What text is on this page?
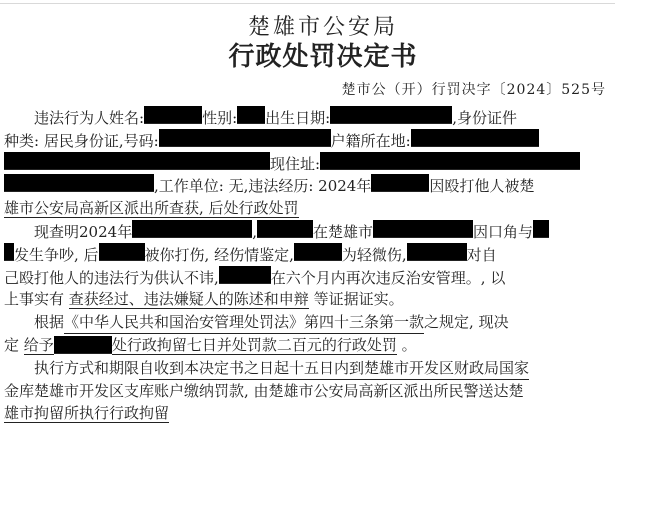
楚雄市公安局
行政处罚决定书
楚市公（开）行罚决字〔2024〕525号
违法行为人 姓名:	性别: 出生日期:	,身份证件
种类: 居民身份证,号码:	户籍所在地:
现住址:
,工作单位: 无,违法经历: 2024年	因殴打他人被楚
雄市公安局高新区派出所查获, 后处行政处罚
现查明 2024年	,	在楚雄市	因口角与
发生争吵, 后	被你打伤, 经伤情鉴定,	为轻微伤,	对自
己殴打他人的违法行为供认不讳,	在六个月内再次违反治安管理。 , 以
上事实有 查获经过、违法嫌疑人的陈述和申辩 等证据证实。
根据 《中华人民共和国治安管理处罚法》第四十三条第一款 之规定, 现决
定 给予	处行政拘留七日并处罚款二百元的行政处罚 。
执行方式和期限 自收到本决定书之日起十五日内到楚雄市开发区财政局国家
金库楚雄市开发区支库账户缴纳罚款, 由楚雄市公安局高新区派出所民警送达楚
雄市拘留所执行行政拘留
